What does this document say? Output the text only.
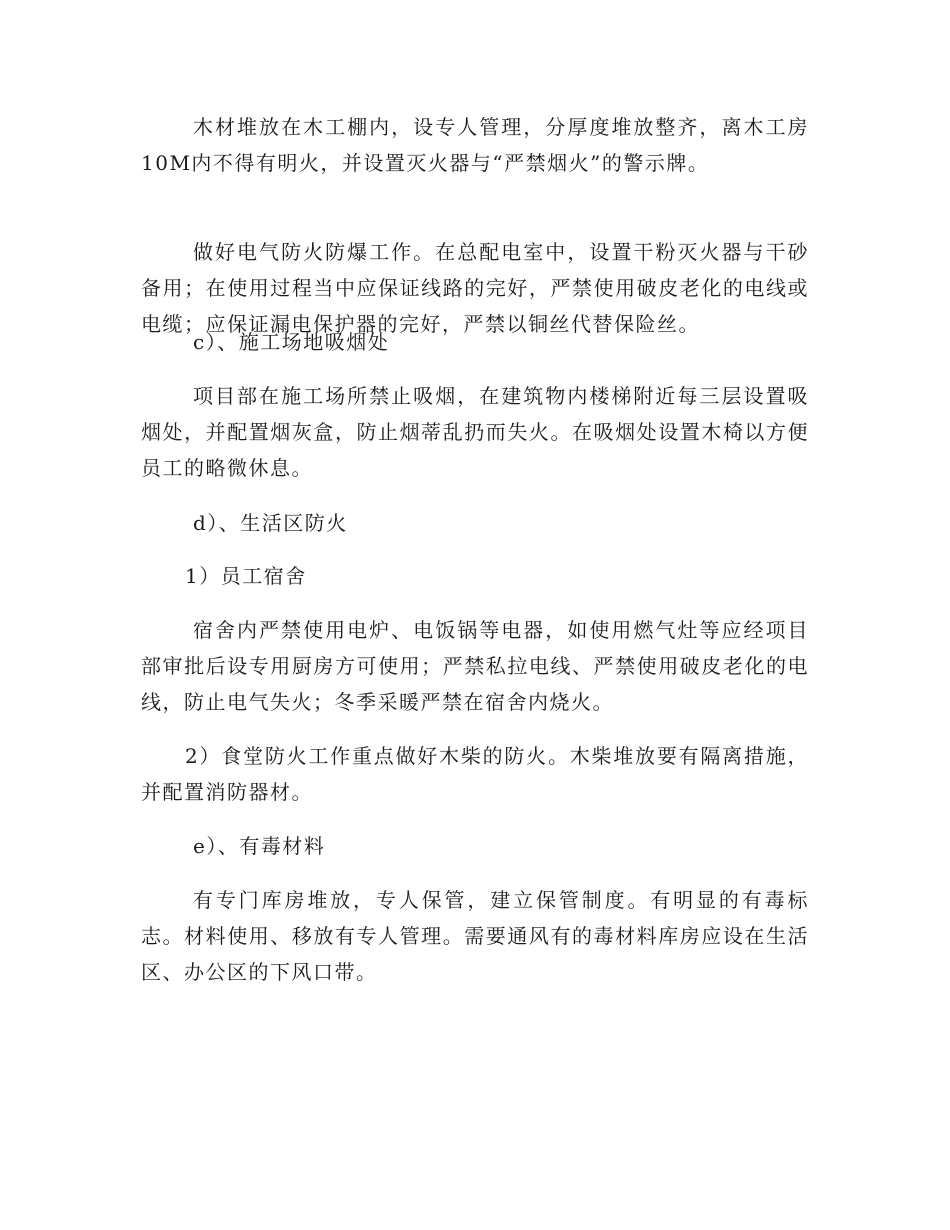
木材堆放在木工棚内，设专人管理，分厚度堆放整齐，离木工房10M内不得有明火，并设置灭火器与“严禁烟火”的警示牌。

做好电气防火防爆工作。在总配电室中，设置干粉灭火器与干砂备用；在使用过程当中应保证线路的完好，严禁使用破皮老化的电线或电缆；应保证漏电保护器的完好，严禁以铜丝代替保险丝。

c）、施工场地吸烟处

项目部在施工场所禁止吸烟，在建筑物内楼梯附近每三层设置吸烟处，并配置烟灰盒，防止烟蒂乱扔而失火。在吸烟处设置木椅以方便员工的略微休息。

d）、生活区防火

1）员工宿舍

宿舍内严禁使用电炉、电饭锅等电器，如使用燃气灶等应经项目部审批后设专用厨房方可使用；严禁私拉电线、严禁使用破皮老化的电线，防止电气失火；冬季采暖严禁在宿舍内烧火。

2）食堂防火工作重点做好木柴的防火。木柴堆放要有隔离措施，并配置消防器材。

e）、有毒材料

有专门库房堆放，专人保管，建立保管制度。有明显的有毒标志。材料使用、移放有专人管理。需要通风有的毒材料库房应设在生活区、办公区的下风口带。
